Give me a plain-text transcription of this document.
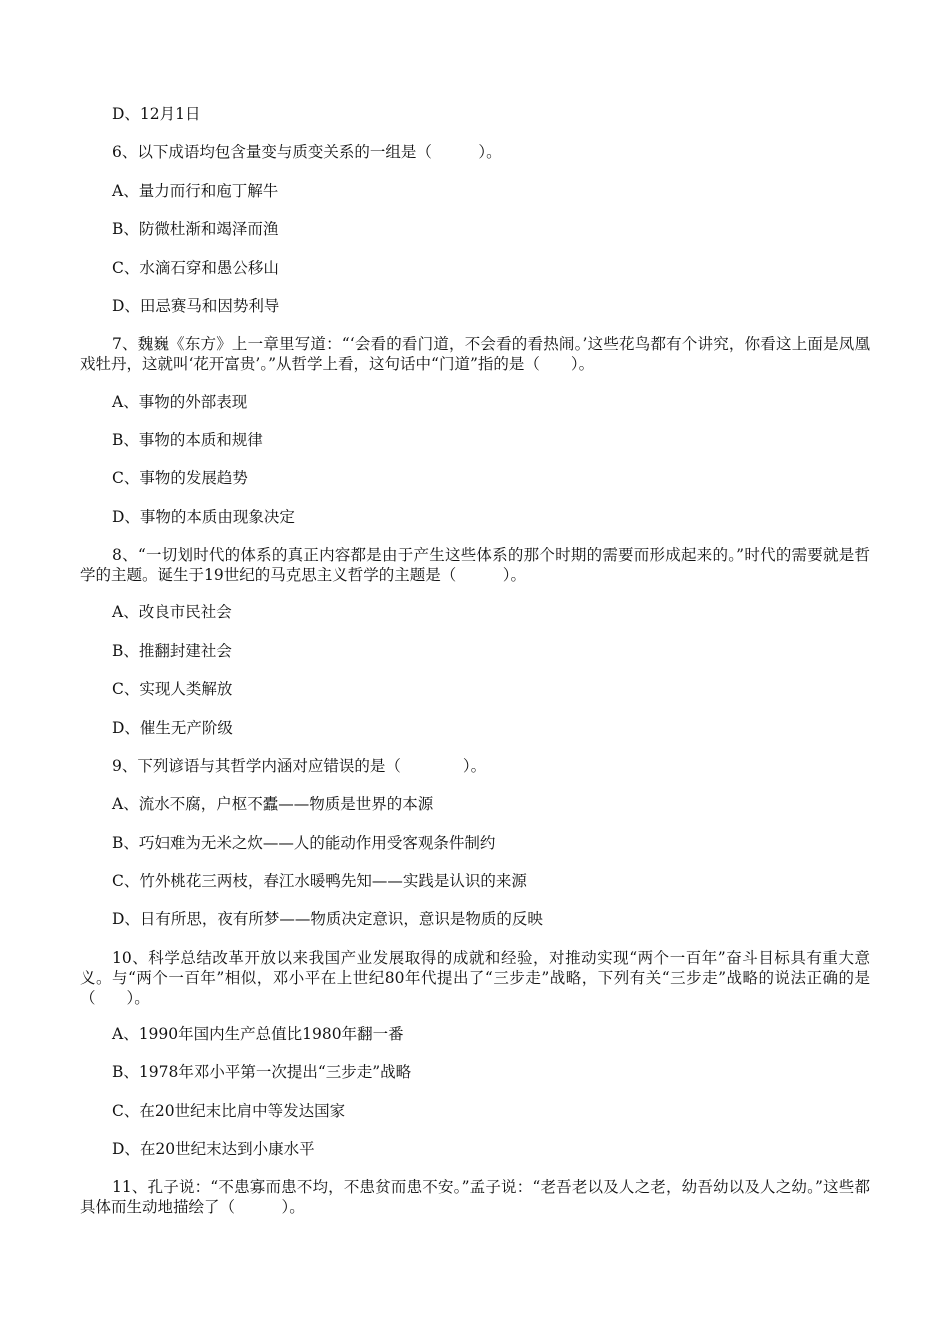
D、12月1日
6、以下成语均包含量变与质变关系的一组是（　　　）。
A、量力而行和庖丁解牛
B、防微杜渐和竭泽而渔
C、水滴石穿和愚公移山
D、田忌赛马和因势利导
7、魏巍《东方》上一章里写道：“‘会看的看门道，不会看的看热闹。’这些花鸟都有个讲究，你看这上面是凤凰戏牡丹，这就叫‘花开富贵’。”从哲学上看，这句话中“门道”指的是（　　）。
A、事物的外部表现
B、事物的本质和规律
C、事物的发展趋势
D、事物的本质由现象决定
8、“一切划时代的体系的真正内容都是由于产生这些体系的那个时期的需要而形成起来的。”时代的需要就是哲学的主题。诞生于19世纪的马克思主义哲学的主题是（　　　）。
A、改良市民社会
B、推翻封建社会
C、实现人类解放
D、催生无产阶级
9、下列谚语与其哲学内涵对应错误的是（　　　　）。
A、流水不腐，户枢不蠹——物质是世界的本源
B、巧妇难为无米之炊——人的能动作用受客观条件制约
C、竹外桃花三两枝，春江水暖鸭先知——实践是认识的来源
D、日有所思，夜有所梦——物质决定意识，意识是物质的反映
10、科学总结改革开放以来我国产业发展取得的成就和经验，对推动实现“两个一百年”奋斗目标具有重大意义。与“两个一百年”相似，邓小平在上世纪80年代提出了“三步走”战略，下列有关“三步走”战略的说法正确的是（　　）。
A、1990年国内生产总值比1980年翻一番
B、1978年邓小平第一次提出“三步走”战略
C、在20世纪末比肩中等发达国家
D、在20世纪末达到小康水平
11、孔子说：“不患寡而患不均，不患贫而患不安。”孟子说：“老吾老以及人之老，幼吾幼以及人之幼。”这些都具体而生动地描绘了（　　　）。
